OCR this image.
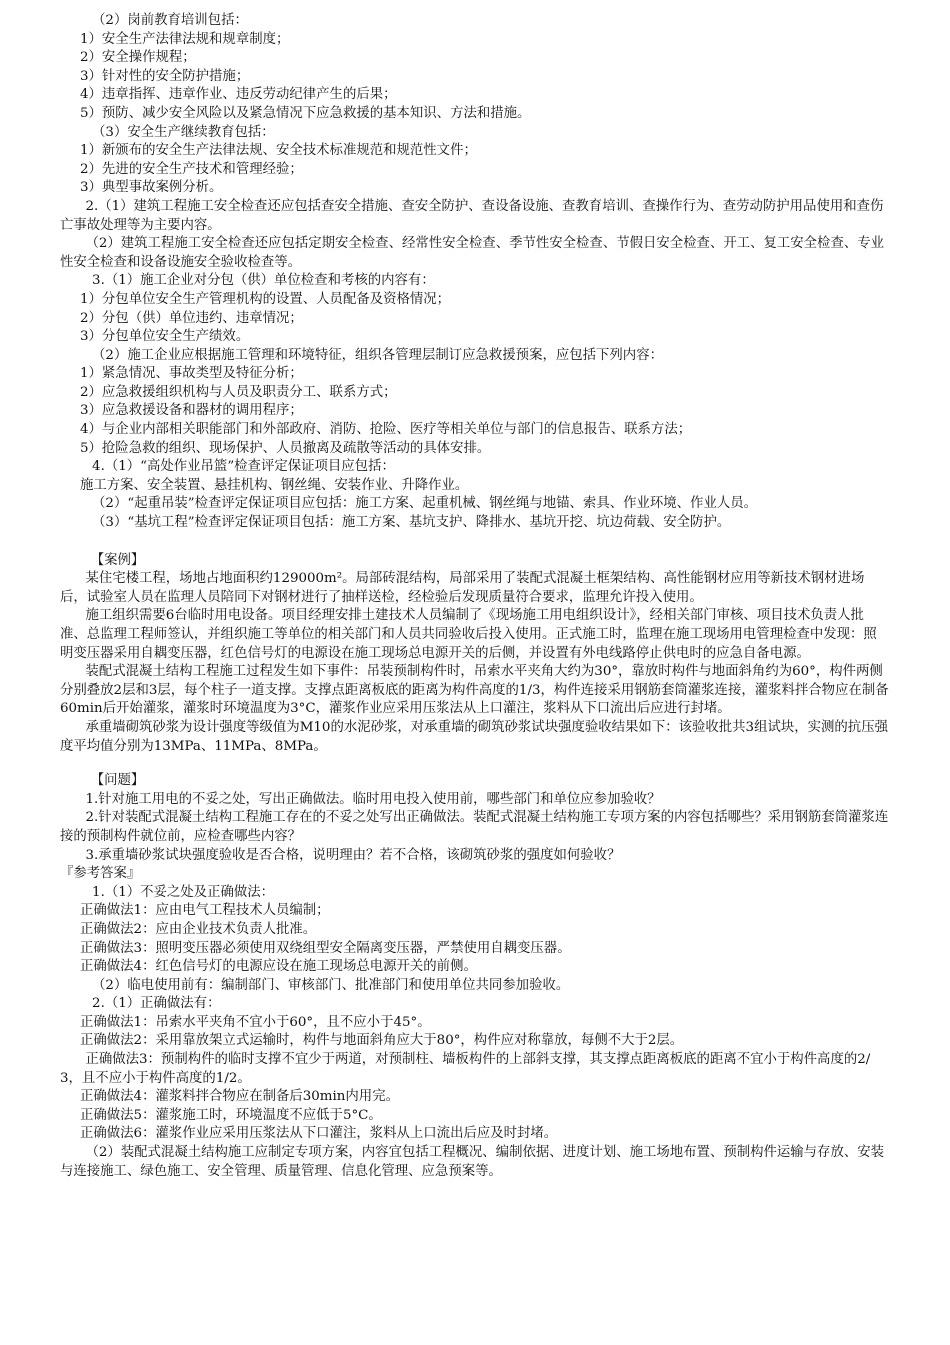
（2）岗前教育培训包括：

1）安全生产法律法规和规章制度；

2）安全操作规程；

3）针对性的安全防护措施；

4）违章指挥、违章作业、违反劳动纪律产生的后果；

5）预防、减少安全风险以及紧急情况下应急救援的基本知识、方法和措施。

（3）安全生产继续教育包括：

1）新颁布的安全生产法律法规、安全技术标准规范和规范性文件；

2）先进的安全生产技术和管理经验；

3）典型事故案例分析。

2.（1）建筑工程施工安全检查还应包括查安全措施、查安全防护、查设备设施、查教育培训、查操作行为、查劳动防护用品使用和查伤亡事故处理等为主要内容。

（2）建筑工程施工安全检查还应包括定期安全检查、经常性安全检查、季节性安全检查、节假日安全检查、开工、复工安全检查、专业性安全检查和设备设施安全验收检查等。

3.（1）施工企业对分包（供）单位检查和考核的内容有：

1）分包单位安全生产管理机构的设置、人员配备及资格情况；

2）分包（供）单位违约、违章情况；

3）分包单位安全生产绩效。

（2）施工企业应根据施工管理和环境特征，组织各管理层制订应急救援预案，应包括下列内容：

1）紧急情况、事故类型及特征分析；

2）应急救援组织机构与人员及职责分工、联系方式；

3）应急救援设备和器材的调用程序；

4）与企业内部相关职能部门和外部政府、消防、抢险、医疗等相关单位与部门的信息报告、联系方法；

5）抢险急救的组织、现场保护、人员撤离及疏散等活动的具体安排。

4.（1）“高处作业吊篮”检查评定保证项目应包括：

施工方案、安全装置、悬挂机构、钢丝绳、安装作业、升降作业。

（2）“起重吊装”检查评定保证项目应包括：施工方案、起重机械、钢丝绳与地锚、索具、作业环境、作业人员。

（3）“基坑工程”检查评定保证项目包括：施工方案、基坑支护、降排水、基坑开挖、坑边荷载、安全防护。

【案例】

某住宅楼工程，场地占地面积约129000m²。局部砖混结构，局部采用了装配式混凝土框架结构、高性能钢材应用等新技术钢材进场后，试验室人员在监理人员陪同下对钢材进行了抽样送检，经检验后发现质量符合要求，监理允许投入使用。

施工组织需要6台临时用电设备。项目经理安排土建技术人员编制了《现场施工用电组织设计》，经相关部门审核、项目技术负责人批准、总监理工程师签认，并组织施工等单位的相关部门和人员共同验收后投入使用。正式施工时，监理在施工现场用电管理检查中发现：照明变压器采用自耦变压器，红色信号灯的电源设在施工现场总电源开关的后侧，并设置有外电线路停止供电时的应急自备电源。

装配式混凝土结构工程施工过程发生如下事件：吊装预制构件时，吊索水平夹角大约为30°，靠放时构件与地面斜角约为60°，构件两侧分别叠放2层和3层，每个柱子一道支撑。支撑点距离板底的距离为构件高度的1/3，构件连接采用钢筋套筒灌浆连接，灌浆料拌合物应在制备60min后开始灌浆，灌浆时环境温度为3°C，灌浆作业应采用压浆法从上口灌注，浆料从下口流出后应进行封堵。

承重墙砌筑砂浆为设计强度等级值为M10的水泥砂浆，对承重墙的砌筑砂浆试块强度验收结果如下：该验收批共3组试块，实测的抗压强度平均值分别为13MPa、11MPa、8MPa。

【问题】

1.针对施工用电的不妥之处，写出正确做法。临时用电投入使用前，哪些部门和单位应参加验收？

2.针对装配式混凝土结构工程施工存在的不妥之处写出正确做法。装配式混凝土结构施工专项方案的内容包括哪些？采用钢筋套筒灌浆连接的预制构件就位前，应检查哪些内容？

3.承重墙砂浆试块强度验收是否合格，说明理由？若不合格，该砌筑砂浆的强度如何验收？

『参考答案』

1.（1）不妥之处及正确做法：

正确做法1：应由电气工程技术人员编制；

正确做法2：应由企业技术负责人批准。

正确做法3：照明变压器必须使用双绕组型安全隔离变压器，严禁使用自耦变压器。

正确做法4：红色信号灯的电源应设在施工现场总电源开关的前侧。

（2）临电使用前有：编制部门、审核部门、批准部门和使用单位共同参加验收。

2.（1）正确做法有：

正确做法1：吊索水平夹角不宜小于60°，且不应小于45°。

正确做法2：采用靠放架立式运输时，构件与地面斜角应大于80°，构件应对称靠放，每侧不大于2层。

正确做法3：预制构件的临时支撑不宜少于两道，对预制柱、墙板构件的上部斜支撑，其支撑点距离板底的距离不宜小于构件高度的2/3，且不应小于构件高度的1/2。

正确做法4：灌浆料拌合物应在制备后30min内用完。

正确做法5：灌浆施工时，环境温度不应低于5°C。

正确做法6：灌浆作业应采用压浆法从下口灌注，浆料从上口流出后应及时封堵。

（2）装配式混凝土结构施工应制定专项方案，内容宜包括工程概况、编制依据、进度计划、施工场地布置、预制构件运输与存放、安装与连接施工、绿色施工、安全管理、质量管理、信息化管理、应急预案等。
